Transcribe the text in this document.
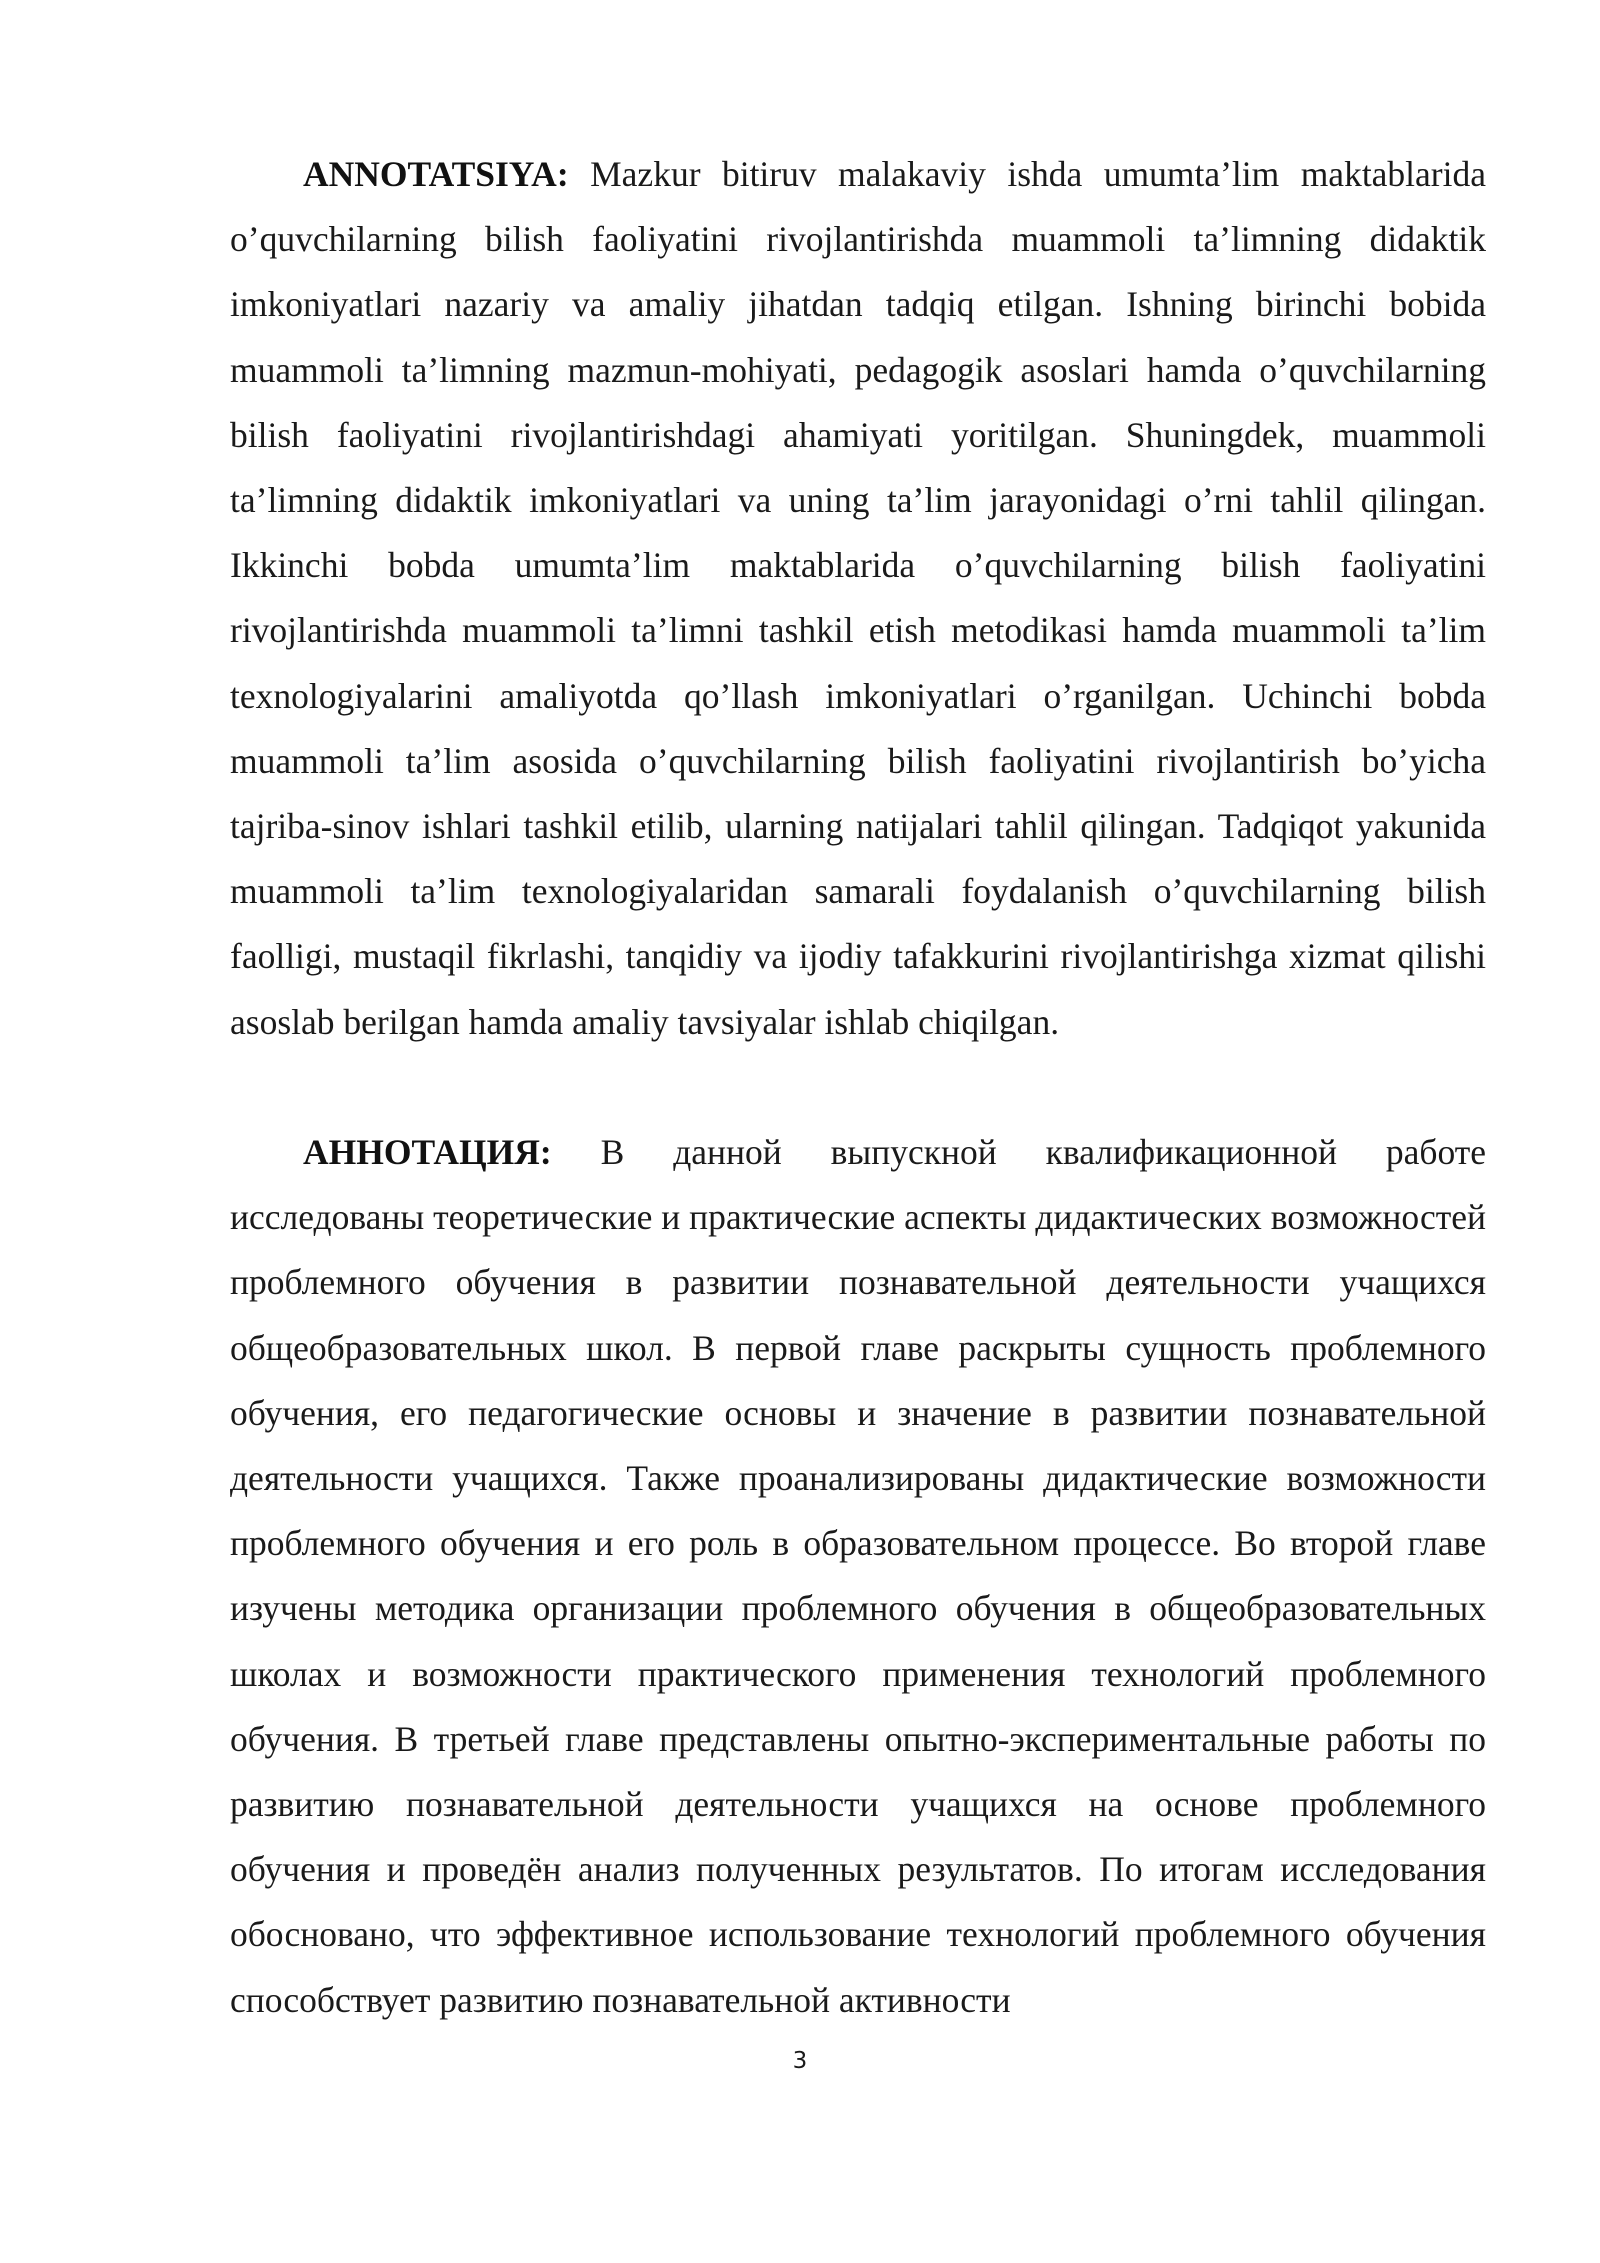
ANNOTATSIYA: Mazkur bitiruv malakaviy ishda umumta’lim maktablarida o’quvchilarning bilish faoliyatini rivojlantirishda muammoli ta’limning didaktik imkoniyatlari nazariy va amaliy jihatdan tadqiq etilgan. Ishning birinchi bobida muammoli ta’limning mazmun-mohiyati, pedagogik asoslari hamda o’quvchilarning bilish faoliyatini rivojlantirishdagi ahamiyati yoritilgan. Shuningdek, muammoli ta’limning didaktik imkoniyatlari va uning ta’lim jarayonidagi o’rni tahlil qilingan. Ikkinchi bobda umumta’lim maktablarida o’quvchilarning bilish faoliyatini rivojlantirishda muammoli ta’limni tashkil etish metodikasi hamda muammoli ta’lim texnologiyalarini amaliyotda qo’llash imkoniyatlari o’rganilgan. Uchinchi bobda muammoli ta’lim asosida o’quvchilarning bilish faoliyatini rivojlantirish bo’yicha tajriba-sinov ishlari tashkil etilib, ularning natijalari tahlil qilingan. Tadqiqot yakunida muammoli ta’lim texnologiyalaridan samarali foydalanish o’quvchilarning bilish faolligi, mustaqil fikrlashi, tanqidiy va ijodiy tafakkurini rivojlantirishga xizmat qilishi asoslab berilgan hamda amaliy tavsiyalar ishlab chiqilgan.

АННОТАЦИЯ: В данной выпускной квалификационной работе исследованы теоретические и практические аспекты дидактических возможностей проблемного обучения в развитии познавательной деятельности учащихся общеобразовательных школ. В первой главе раскрыты сущность проблемного обучения, его педагогические основы и значение в развитии познавательной деятельности учащихся. Также проанализированы дидактические возможности проблемного обучения и его роль в образовательном процессе. Во второй главе изучены методика организации проблемного обучения в общеобразовательных школах и возможности практического применения технологий проблемного обучения. В третьей главе представлены опытно-экспериментальные работы по развитию познавательной деятельности учащихся на основе проблемного обучения и проведён анализ полученных результатов. По итогам исследования обосновано, что эффективное использование технологий проблемного обучения способствует развитию познавательной активности

3
